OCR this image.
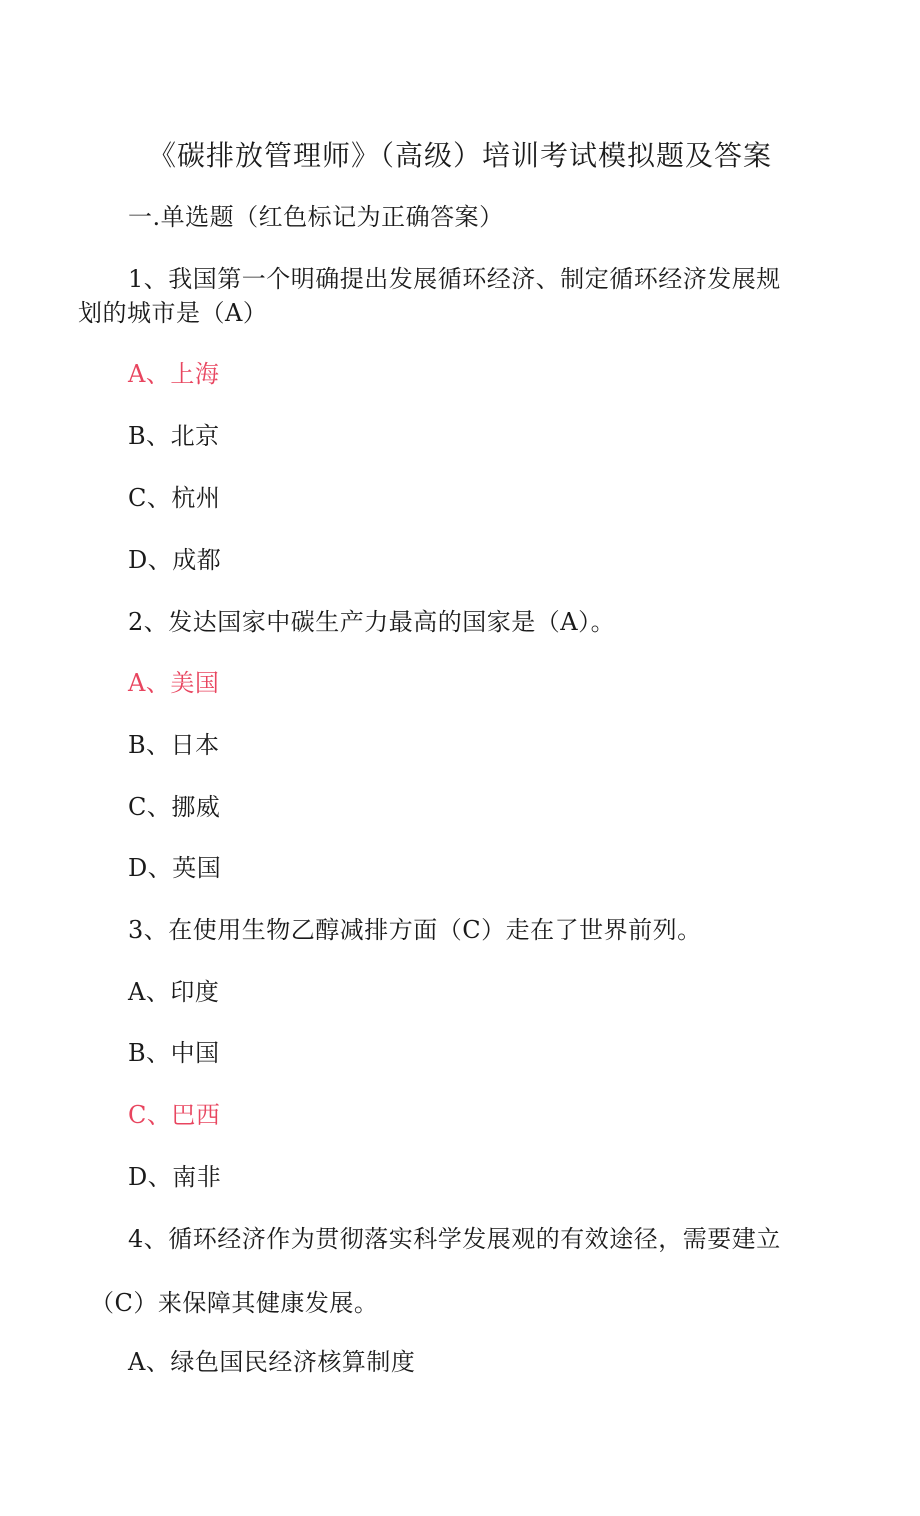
《碳排放管理师》（高级）培训考试模拟题及答案
一.单选题（红色标记为正确答案）
1、我国第一个明确提出发展循环经济、制定循环经济发展规
划的城市是（A）
A、上海
B、北京
C、杭州
D、成都
2、发达国家中碳生产力最高的国家是（A）。
A、美国
B、日本
C、挪威
D、英国
3、在使用生物乙醇减排方面（C）走在了世界前列。
A、印度
B、中国
C、巴西
D、南非
4、循环经济作为贯彻落实科学发展观的有效途径，需要建立
（C）来保障其健康发展。
A、绿色国民经济核算制度
